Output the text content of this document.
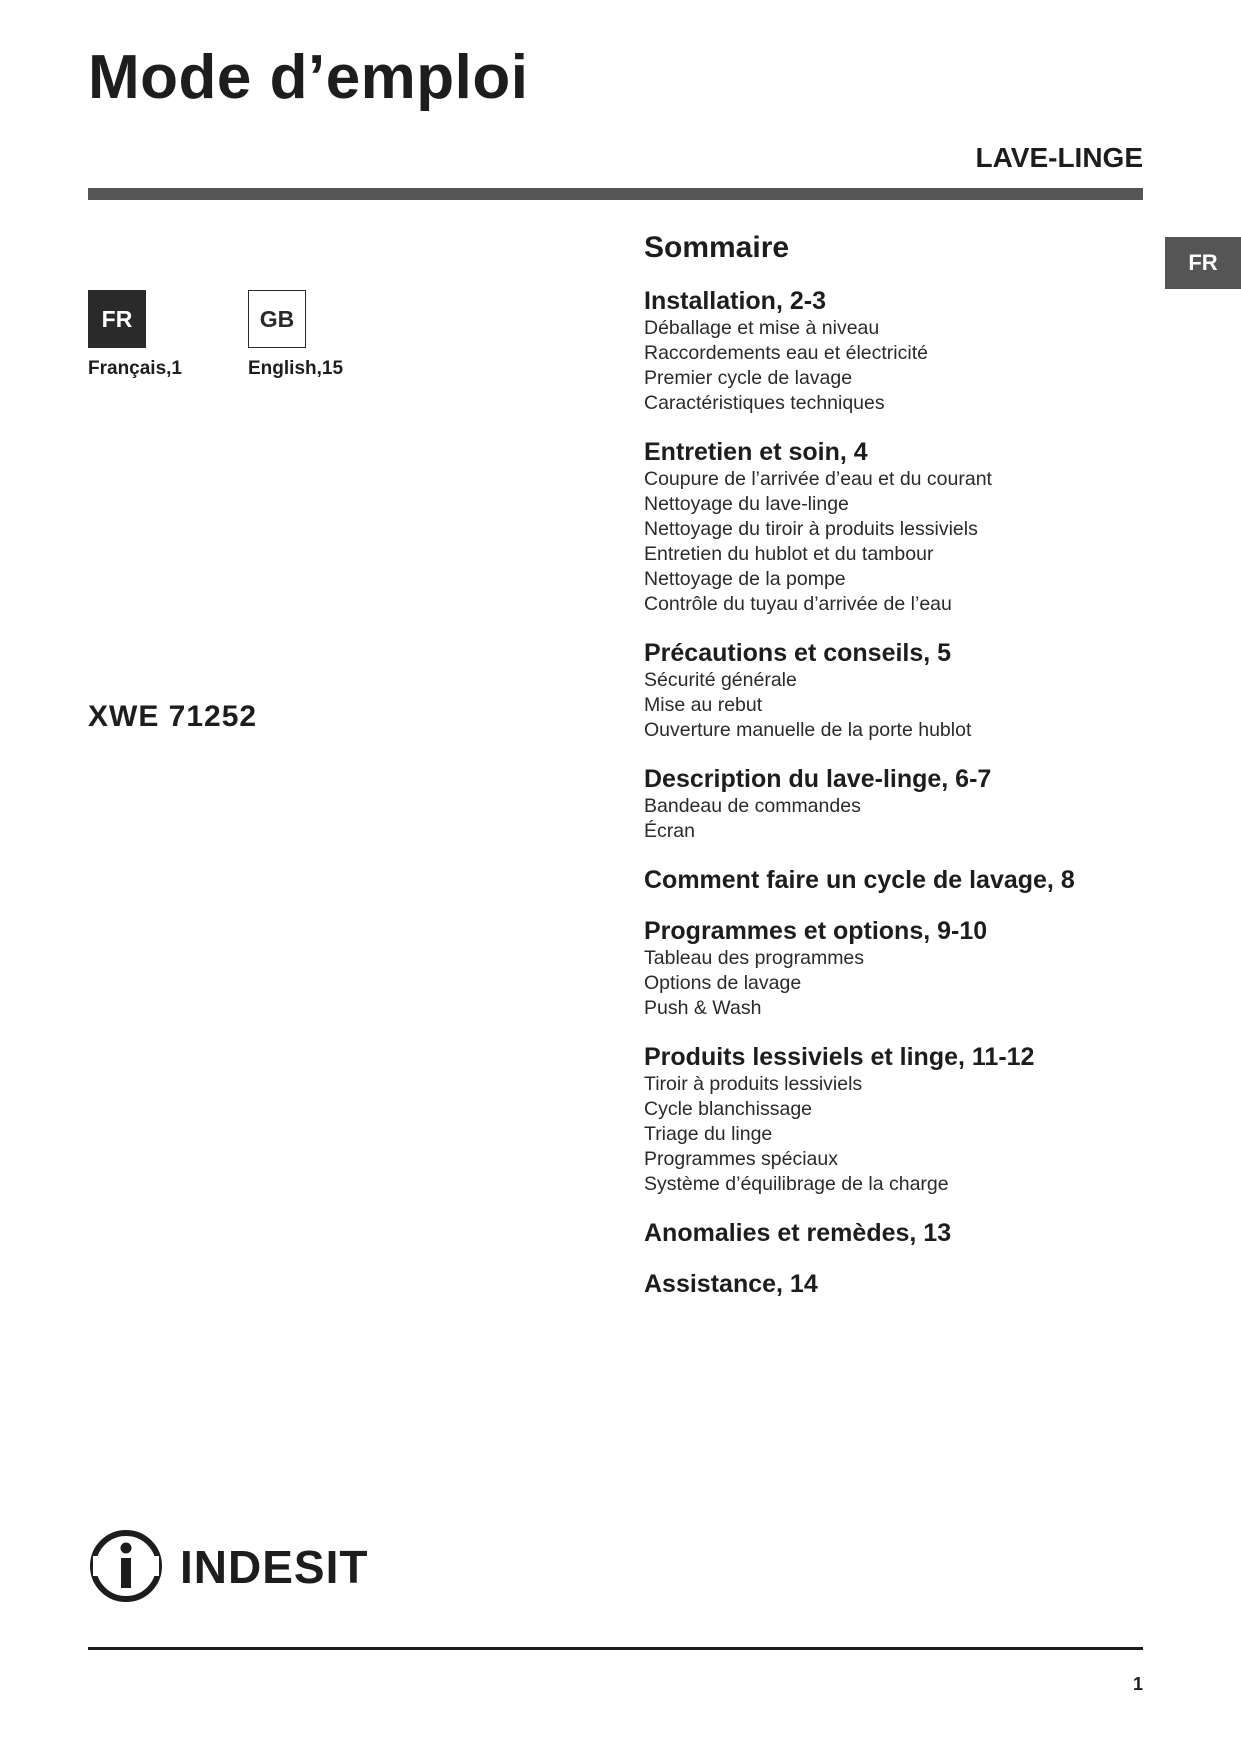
Mode d’emploi
LAVE-LINGE
FR
FR	GB
Français,1	English,15
XWE 71252
Sommaire
Installation, 2-3
Déballage et mise à niveau
Raccordements eau et électricité
Premier cycle de lavage
Caractéristiques techniques
Entretien et soin, 4
Coupure de l’arrivée d’eau et du courant
Nettoyage du lave-linge
Nettoyage du tiroir à produits lessiviels
Entretien du hublot et du tambour
Nettoyage de la pompe
Contrôle du tuyau d’arrivée de l’eau
Précautions et conseils, 5
Sécurité générale
Mise au rebut
Ouverture manuelle de la porte hublot
Description du lave-linge, 6-7
Bandeau de commandes
Écran
Comment faire un cycle de lavage, 8
Programmes et options, 9-10
Tableau des programmes
Options de lavage
Push & Wash
Produits lessiviels et linge, 11-12
Tiroir à produits lessiviels
Cycle blanchissage
Triage du linge
Programmes spéciaux
Système d’équilibrage de la charge
Anomalies et remèdes, 13
Assistance, 14
INDESIT
1
